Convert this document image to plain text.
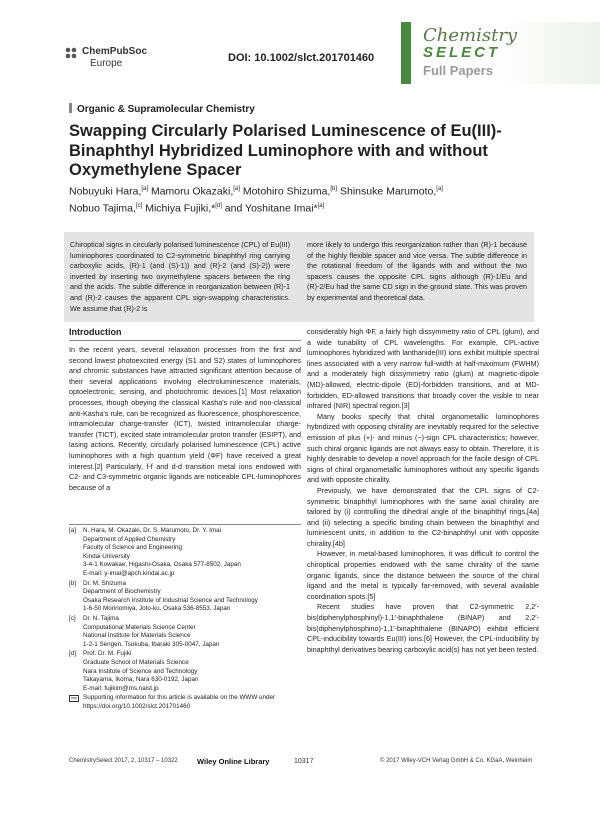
ChemPubSoc
Europe	DOI: 10.1002/slct.201701460
Chemistry
SELECT
Full Papers
Organic & Supramolecular Chemistry
Swapping Circularly Polarised Luminescence of Eu(III)-Binaphthyl Hybridized Luminophore with and without Oxymethylene Spacer
Nobuyuki Hara,[a] Mamoru Okazaki,[a] Motohiro Shizuma,[b] Shinsuke Marumoto,[a]
Nobuo Tajima,[c] Michiya Fujiki,*[d] and Yoshitane Imai*[a]
Chiroptical signs in circularly polarised luminescence (CPL) of Eu(III) luminophores coordinated to C2-symmetric binaphthyl ring carrying carboxylic acids, (R)-1 (and (S)-1)) and (R)-2 (and (S)-2)) were inverted by inserting two oxymethylene spacers between the ring and the acids. The subtle difference in reorganization between (R)-1 and (R)-2 causes the apparent CPL sign-swapping characteristics. We assume that (R)-2 is
more likely to undergo this reorganization rather than (R)-1 because of the highly flexible spacer and vice versa. The subtle difference in the rotational freedom of the ligands with and without the two spacers causes the opposite CPL signs although (R)-1/Eu and (R)-2/Eu had the same CD sign in the ground state. This was proven by experimental and theoretical data.
Introduction

In the recent years, several relaxation processes from the first and second lowest photoexcited energy (S1 and S2) states of luminophores and chromic substances have attracted significant attention because of their several applications involving electroluminescence materials, optoelectronic, sensing, and photochromic devices.[1] Most relaxation processes, though obeying the classical Kasha's rule and non-classical anti-Kasha's rule, can be recognized as fluorescence, phosphorescence, intramolecular charge-transfer (ICT), twisted intramolecular charge-transfer (TICT), excited state intramolecular proton transfer (ESIPT), and lasing actions. Recently, circularly polarised luminescence (CPL) active luminophores with a high quantum yield (ΦF) have received a great interest.[2] Particularly, f-f and d-d transition metal ions endowed with C2- and C3-symmetric organic ligands are noticeable CPL-luminophores because of a

considerably high ΦF, a fairly high dissymmetry ratio of CPL (glum), and a wide tunability of CPL wavelengths. For example, CPL-active luminophores hybridized with lanthanide(III) ions exhibit multiple spectral lines associated with a very narrow full-width at half-maximum (FWHM) and a moderately high dissymmetry ratio (glum) at magnetic-dipole (MD)-allowed, electric-dipole (ED)-forbidden transitions, and at MD-forbidden, ED-allowed transitions that broadly cover the visible to near infrared (NIR) spectral region.[3]

Many books specify that chiral organometallic luminophores hybridized with opposing chirality are inevitably required for the selective emission of plus (+)- and minus (−)-sign CPL characteristics; however, such chiral organic ligands are not always easy to obtain. Therefore, it is highly desirable to develop a novel approach for the facile design of CPL signs of chiral organometallic luminophores without any specific ligands and with opposite chirality.

Previously, we have demonstrated that the CPL signs of C2-symmetric binaphthyl luminophores with the same axial chirality are tailored by (i) controlling the dihedral angle of the binaphthyl rings,[4a] and (ii) selecting a specific binding chain between the binaphthyl and luminescent units, in addition to the C2-binaphthyl unit with opposite chirality.[4b]

However, in metal-based luminophores, it was difficult to control the chiroptical properties endowed with the same chirality of the same organic ligands, since the distance between the source of the chiral ligand and the metal is typically far-removed, with several available coordination spots.[5]

Recent studies have proven that C2-symmetric 2,2′-bis(diphenylphosphinyl)-1,1′-binaphthalene (BINAP) and 2,2′-bis(diphenylphosphino)-1,1′-binaphthalene (BINAPO) exhibit efficient CPL-inducibility towards Eu(III) ions.[6] However, the CPL-inducibility by binaphthyl derivatives bearing carboxylic acid(s) has not yet been tested.

[a] N. Hara, M. Okazaki, Dr. S. Marumoto, Dr. Y. Imai
Department of Applied Chemistry
Faculty of Science and Engineering
Kindai University
3-4-1 Kowakae, Higashi-Osaka, Osaka 577-8502, Japan
E-mail: y-imai@apch.kindai.ac.jp
[b] Dr. M. Shizuma
Department of Biochemistry
Osaka Research Institute of Industrial Science and Technology
1-6-50 Morinomiya, Joto-ku, Osaka 536-8553, Japan
[c] Dr. N. Tajima
Computational Materials Science Center
National Institute for Materials Science
1-2-1 Sengen, Tsukuba, Ibaraki 305-0047, Japan
[d] Prof. Dr. M. Fujiki
Graduate School of Materials Science
Nara Institute of Science and Technology
Takayama, Ikoma, Nara 630-0192, Japan
E-mail: fujikim@ms.naist.jp
Supporting information for this article is available on the WWW under https://doi.org/10.1002/slct.201701460
ChemistrySelect 2017, 2, 10317 – 10322	Wiley Online Library	10317	© 2017 Wiley-VCH Verlag GmbH & Co. KGaA, Weinheim
